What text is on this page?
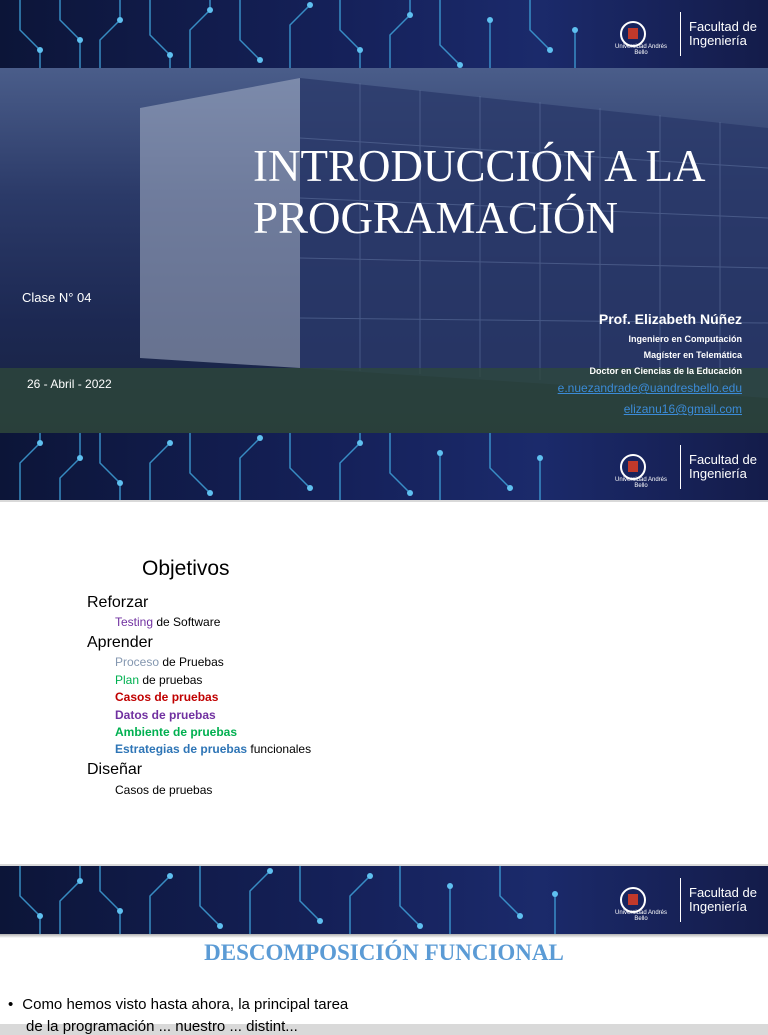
Universidad Andrés Bello
Facultad de
Ingeniería
INTRODUCCIÓN A LA
PROGRAMACIÓN
Clase N° 04
26 - Abril - 2022
Prof. Elizabeth Núñez
Ingeniero en Computación
Magíster en Telemática
Doctor en Ciencias de la Educación
e.nuezandrade@uandresbello.edu
elizanu16@gmail.com
Universidad Andrés Bello
Facultad de
Ingeniería
Objetivos
Reforzar
Testing de Software
Aprender
Proceso de Pruebas
Plan de pruebas
Casos de pruebas
Datos de pruebas
Ambiente de pruebas
Estrategias de pruebas funcionales
Diseñar
Casos de pruebas
Universidad Andrés Bello
Facultad de
Ingeniería
DESCOMPOSICIÓN FUNCIONAL
• Como hemos visto hasta ahora, la principal tarea
de la programación ... nuestro ... distint...
